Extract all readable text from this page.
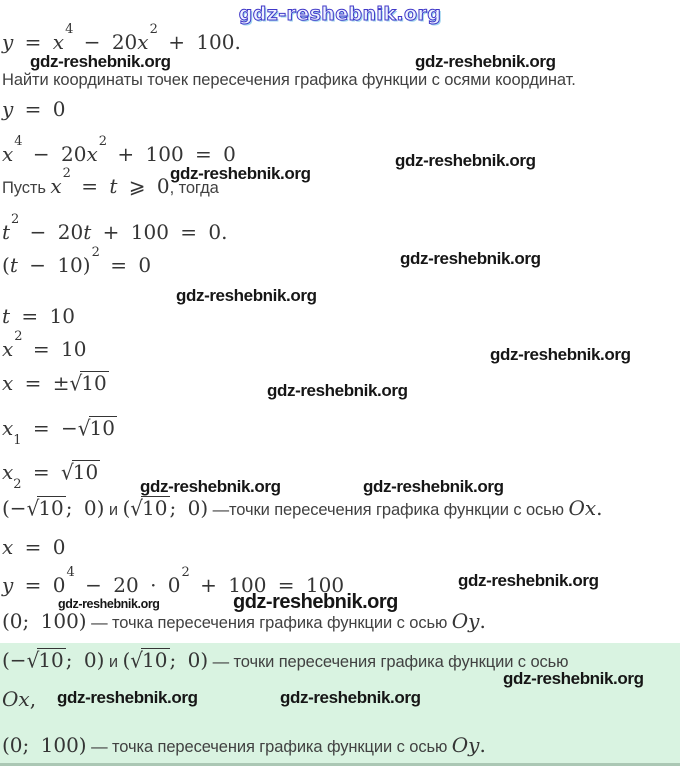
gdz-reshebnik.org
$y = x^4 - 20x^2 + 100$.
Найти координаты точек пересечения графика функции с осями координат.
y = 0
$x^4 - 20x^2 + 100 = 0$
Пусть $x^2 = t$ ⩾ 0, тогда
$t^2 - 20t + 100 = 0$.
$(t - 10)^2 = 0$
t = 10
$x^2 = 10$
x = ±√10
$x_1 = -√10$
$x_2 = √10$
(−√10 ; 0) и (√10 ; 0) —точки пересечения графика функции с осью Ox.
x = 0
$y = 0^4 - 20 \cdot 0^2 + 100 = 100$
(0; 100) — точка пересечения графика функции с осью Oy.
(−√10 ; 0) и (√10 ; 0) — точки пересечения графика функции с осью
Ox,
(0; 100) — точка пересечения графика функции с осью Oy.
gdz-reshebnik.org	gdz-reshebnik.org
gdz-reshebnik.org
gdz-reshebnik.org
gdz-reshebnik.org
gdz-reshebnik.org
gdz-reshebnik.org
gdz-reshebnik.org
gdz-reshebnik.org	gdz-reshebnik.org
gdz-reshebnik.org
gdz-reshebnik.org	gdz-reshebnik.org
gdz-reshebnik.org
gdz-reshebnik.org	gdz-reshebnik.org
